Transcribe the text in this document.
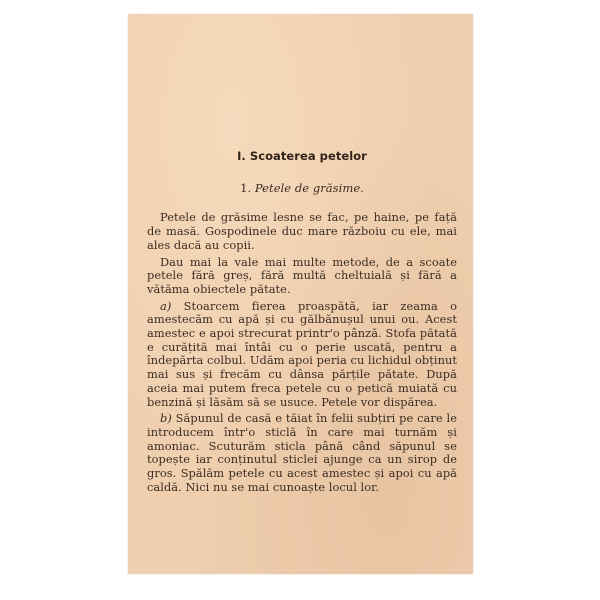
I. Scoaterea petelor
1. Petele de grăsime.

Petele de grăsime lesne se fac, pe haine, pe față de masă. Gospodinele duc mare războiu cu ele, mai ales dacă au copii.

Dau mai la vale mai multe metode, de a scoate petele fără greș, fără multă cheltuială și fără a vătăma obiectele pătate.

a) Stoarcem fierea proaspătă, iar zeama o amestecăm cu apă și cu gălbănușul unui ou. Acest amestec e apoi strecurat printr'o pânză. Stofa pătată e curățită mai întâi cu o perie uscată, pentru a îndepărta colbul. Udăm apoi peria cu lichidul obținut mai sus și frecăm cu dânsa părțile pătate. După aceia mai putem freca petele cu o petică muiată cu benzină și lăsăm să se usuce. Petele vor dispărea.

b) Săpunul de casă e tăiat în felii subțiri pe care le introducem într'o sticlă în care mai turnăm și amoniac. Scuturăm sticla până când săpunul se topește iar conținutul sticlei ajunge ca un sirop de gros. Spălăm petele cu acest amestec și apoi cu apă caldă. Nici nu se mai cunoaște locul lor.
